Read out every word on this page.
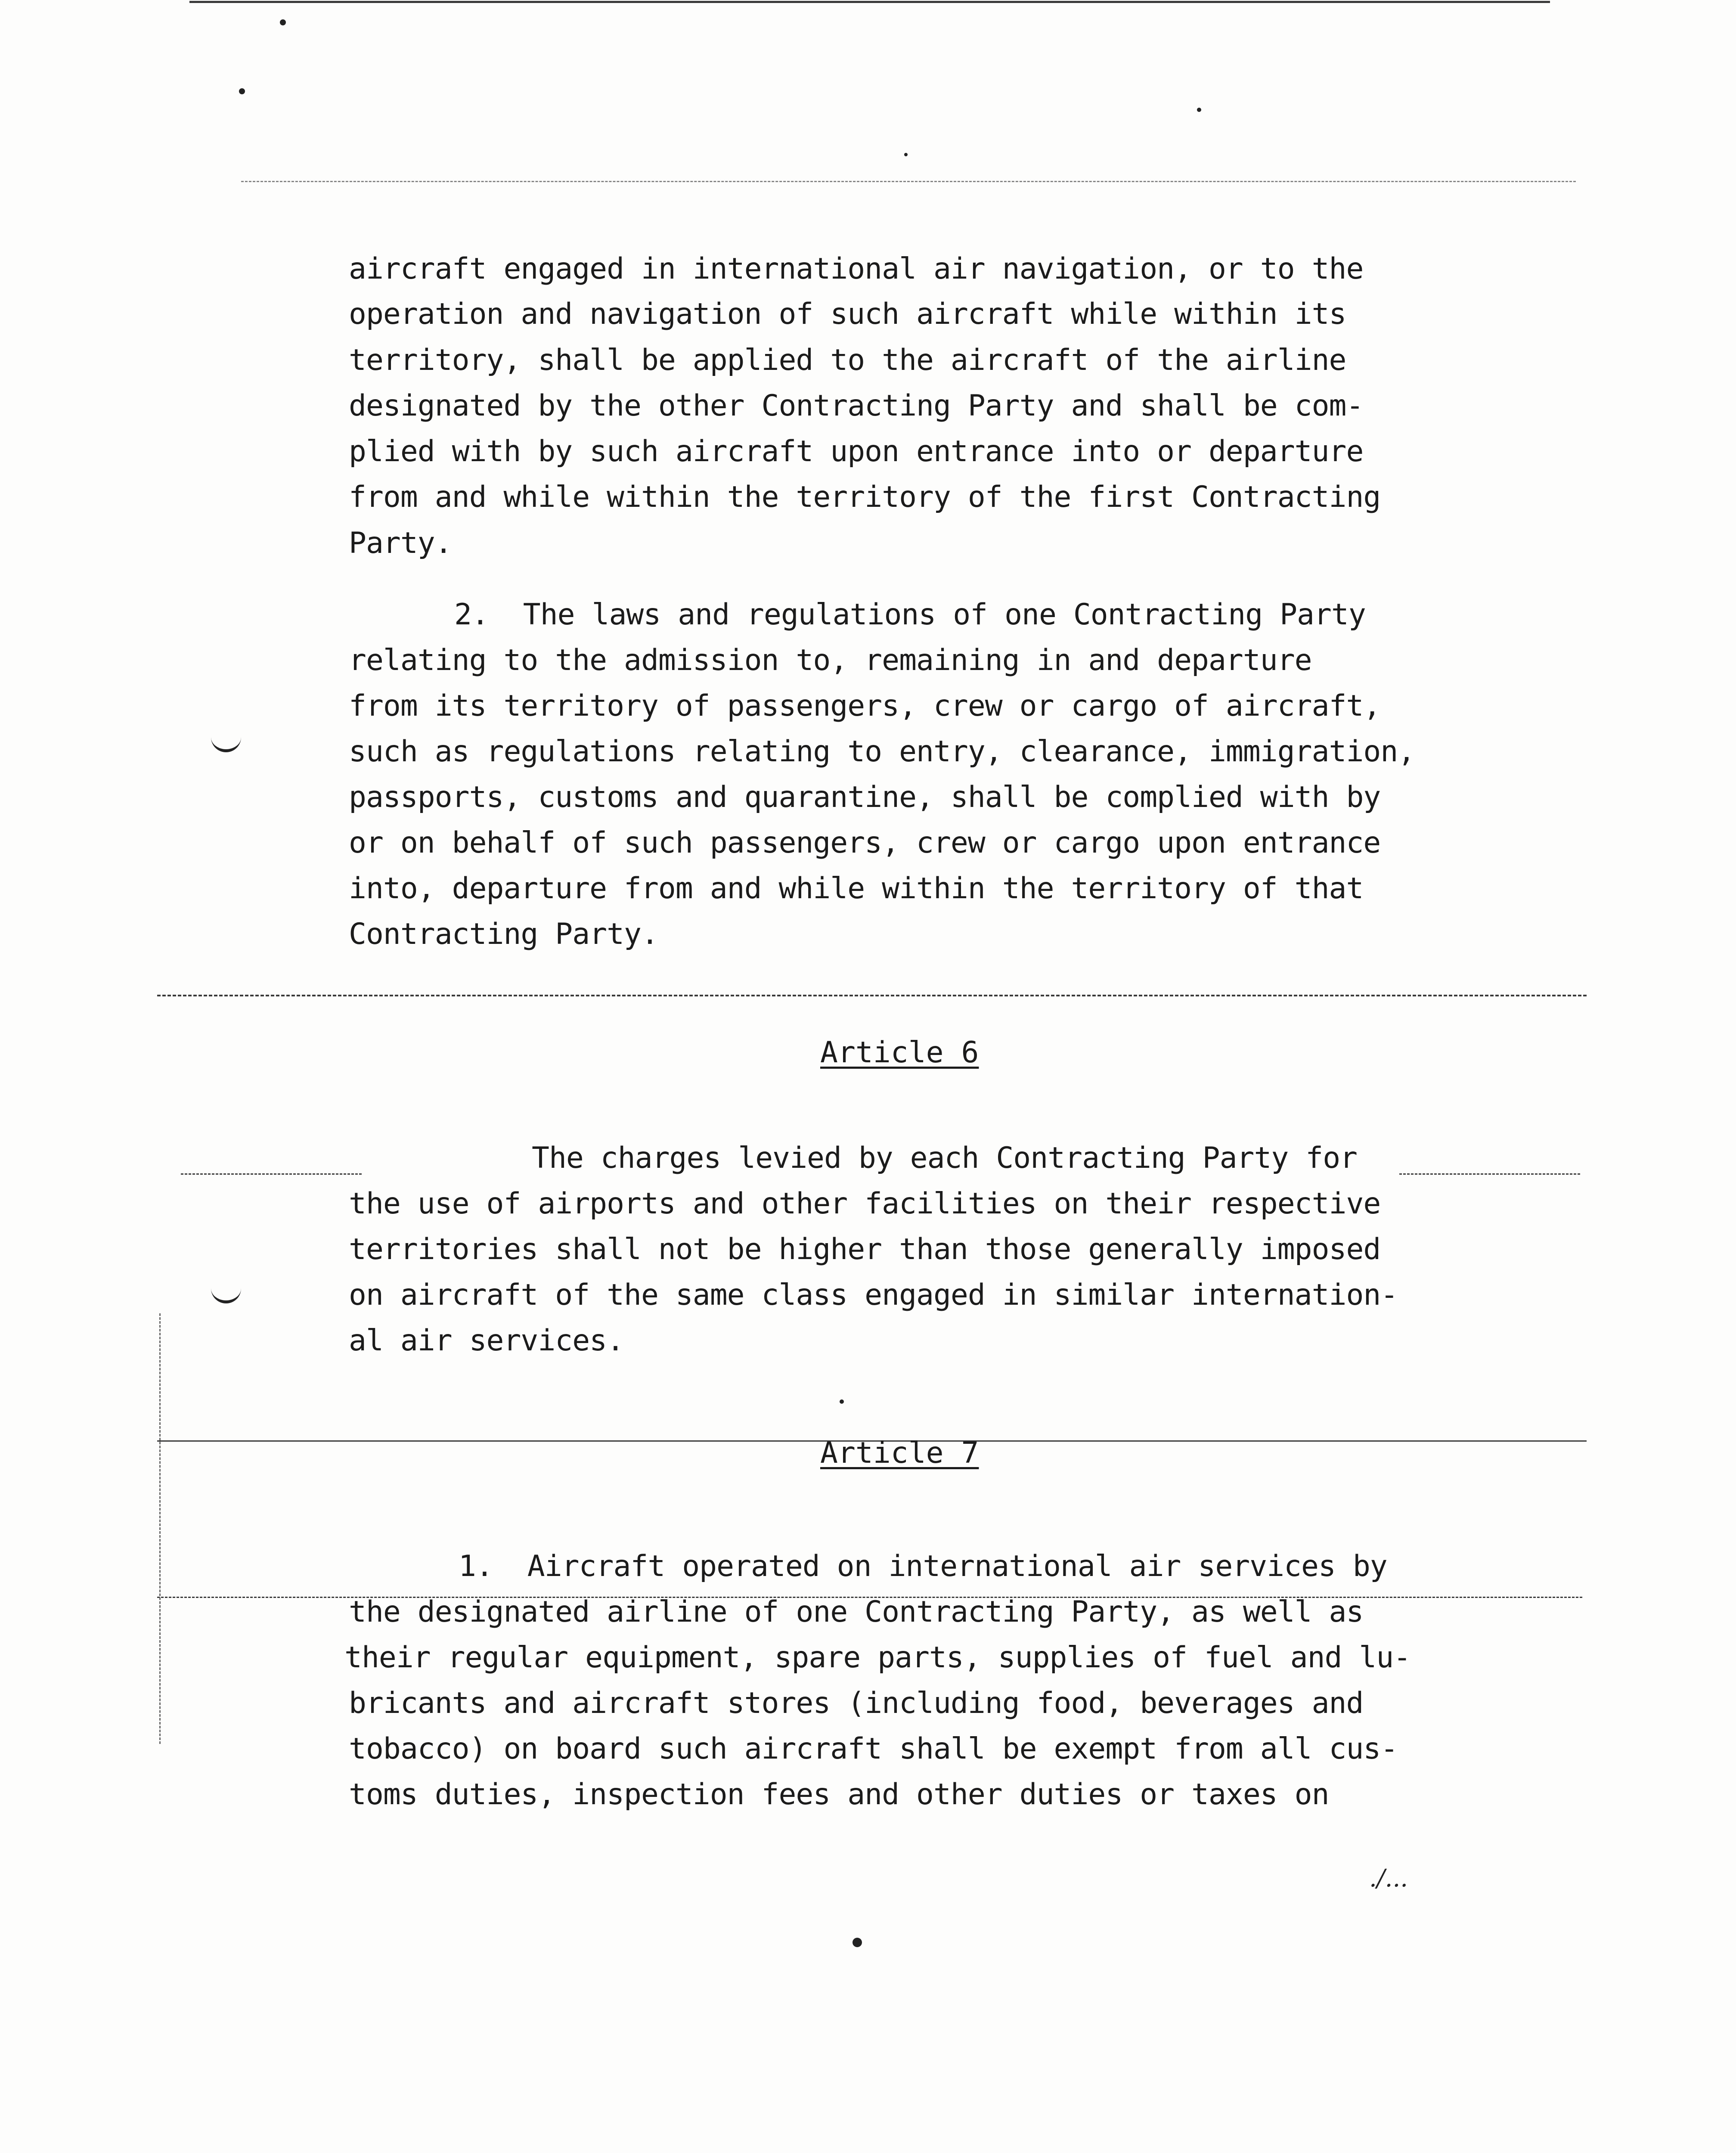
aircraft engaged in international air navigation, or to the

operation and navigation of such aircraft while within its

territory, shall be applied to the aircraft of the airline

designated by the other Contracting Party and shall be com-

plied with by such aircraft upon entrance into or departure

from and while within the territory of the first Contracting

Party.

2.  The laws and regulations of one Contracting Party

relating to the admission to, remaining in and departure

from its territory of passengers, crew or cargo of aircraft,

such as regulations relating to entry, clearance, immigration,

passports, customs and quarantine, shall be complied with by

or on behalf of such passengers, crew or cargo upon entrance

into, departure from and while within the territory of that

Contracting Party.

Article 6

The charges levied by each Contracting Party for

the use of airports and other facilities on their respective

territories shall not be higher than those generally imposed

on aircraft of the same class engaged in similar internation-

al air services.

Article 7

1.  Aircraft operated on international air services by

the designated airline of one Contracting Party, as well as

their regular equipment, spare parts, supplies of fuel and lu-

bricants and aircraft stores (including food, beverages and

tobacco) on board such aircraft shall be exempt from all cus-

toms duties, inspection fees and other duties or taxes on

./...
